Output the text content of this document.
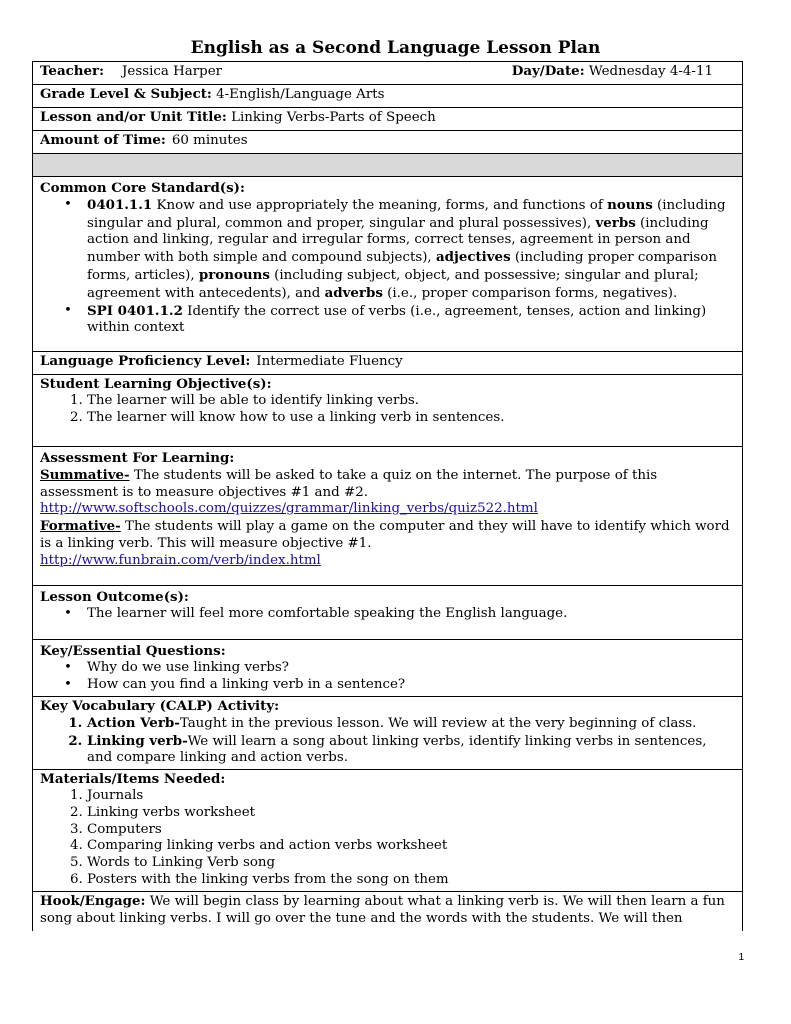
English as a Second Language Lesson Plan
Teacher: Jessica Harper	Day/Date: Wednesday 4-4-11

Grade Level & Subject: 4-English/Language Arts
Lesson and/or Unit Title: Linking Verbs-Parts of Speech
Amount of Time: 60 minutes

Common Core Standard(s):
• 0401.1.1 Know and use appropriately the meaning, forms, and functions of nouns (including singular and plural, common and proper, singular and plural possessives), verbs (including action and linking, regular and irregular forms, correct tenses, agreement in person and number with both simple and compound subjects), adjectives (including proper comparison forms, articles), pronouns (including subject, object, and possessive; singular and plural; agreement with antecedents), and adverbs (i.e., proper comparison forms, negatives).
• SPI 0401.1.2 Identify the correct use of verbs (i.e., agreement, tenses, action and linking) within context

Language Proficiency Level: Intermediate Fluency

Student Learning Objective(s):
1. The learner will be able to identify linking verbs.
2. The learner will know how to use a linking verb in sentences.

Assessment For Learning:
Summative- The students will be asked to take a quiz on the internet. The purpose of this assessment is to measure objectives #1 and #2.
http://www.softschools.com/quizzes/grammar/linking_verbs/quiz522.html
Formative- The students will play a game on the computer and they will have to identify which word is a linking verb. This will measure objective #1.
http://www.funbrain.com/verb/index.html

Lesson Outcome(s):
• The learner will feel more comfortable speaking the English language.

Key/Essential Questions:
• Why do we use linking verbs?
• How can you find a linking verb in a sentence?

Key Vocabulary (CALP) Activity:
1. Action Verb-Taught in the previous lesson. We will review at the very beginning of class.
2. Linking verb-We will learn a song about linking verbs, identify linking verbs in sentences, and compare linking and action verbs.

Materials/Items Needed:
1. Journals
2. Linking verbs worksheet
3. Computers
4. Comparing linking verbs and action verbs worksheet
5. Words to Linking Verb song
6. Posters with the linking verbs from the song on them

Hook/Engage: We will begin class by learning about what a linking verb is. We will then learn a fun song about linking verbs. I will go over the tune and the words with the students. We will then
1
